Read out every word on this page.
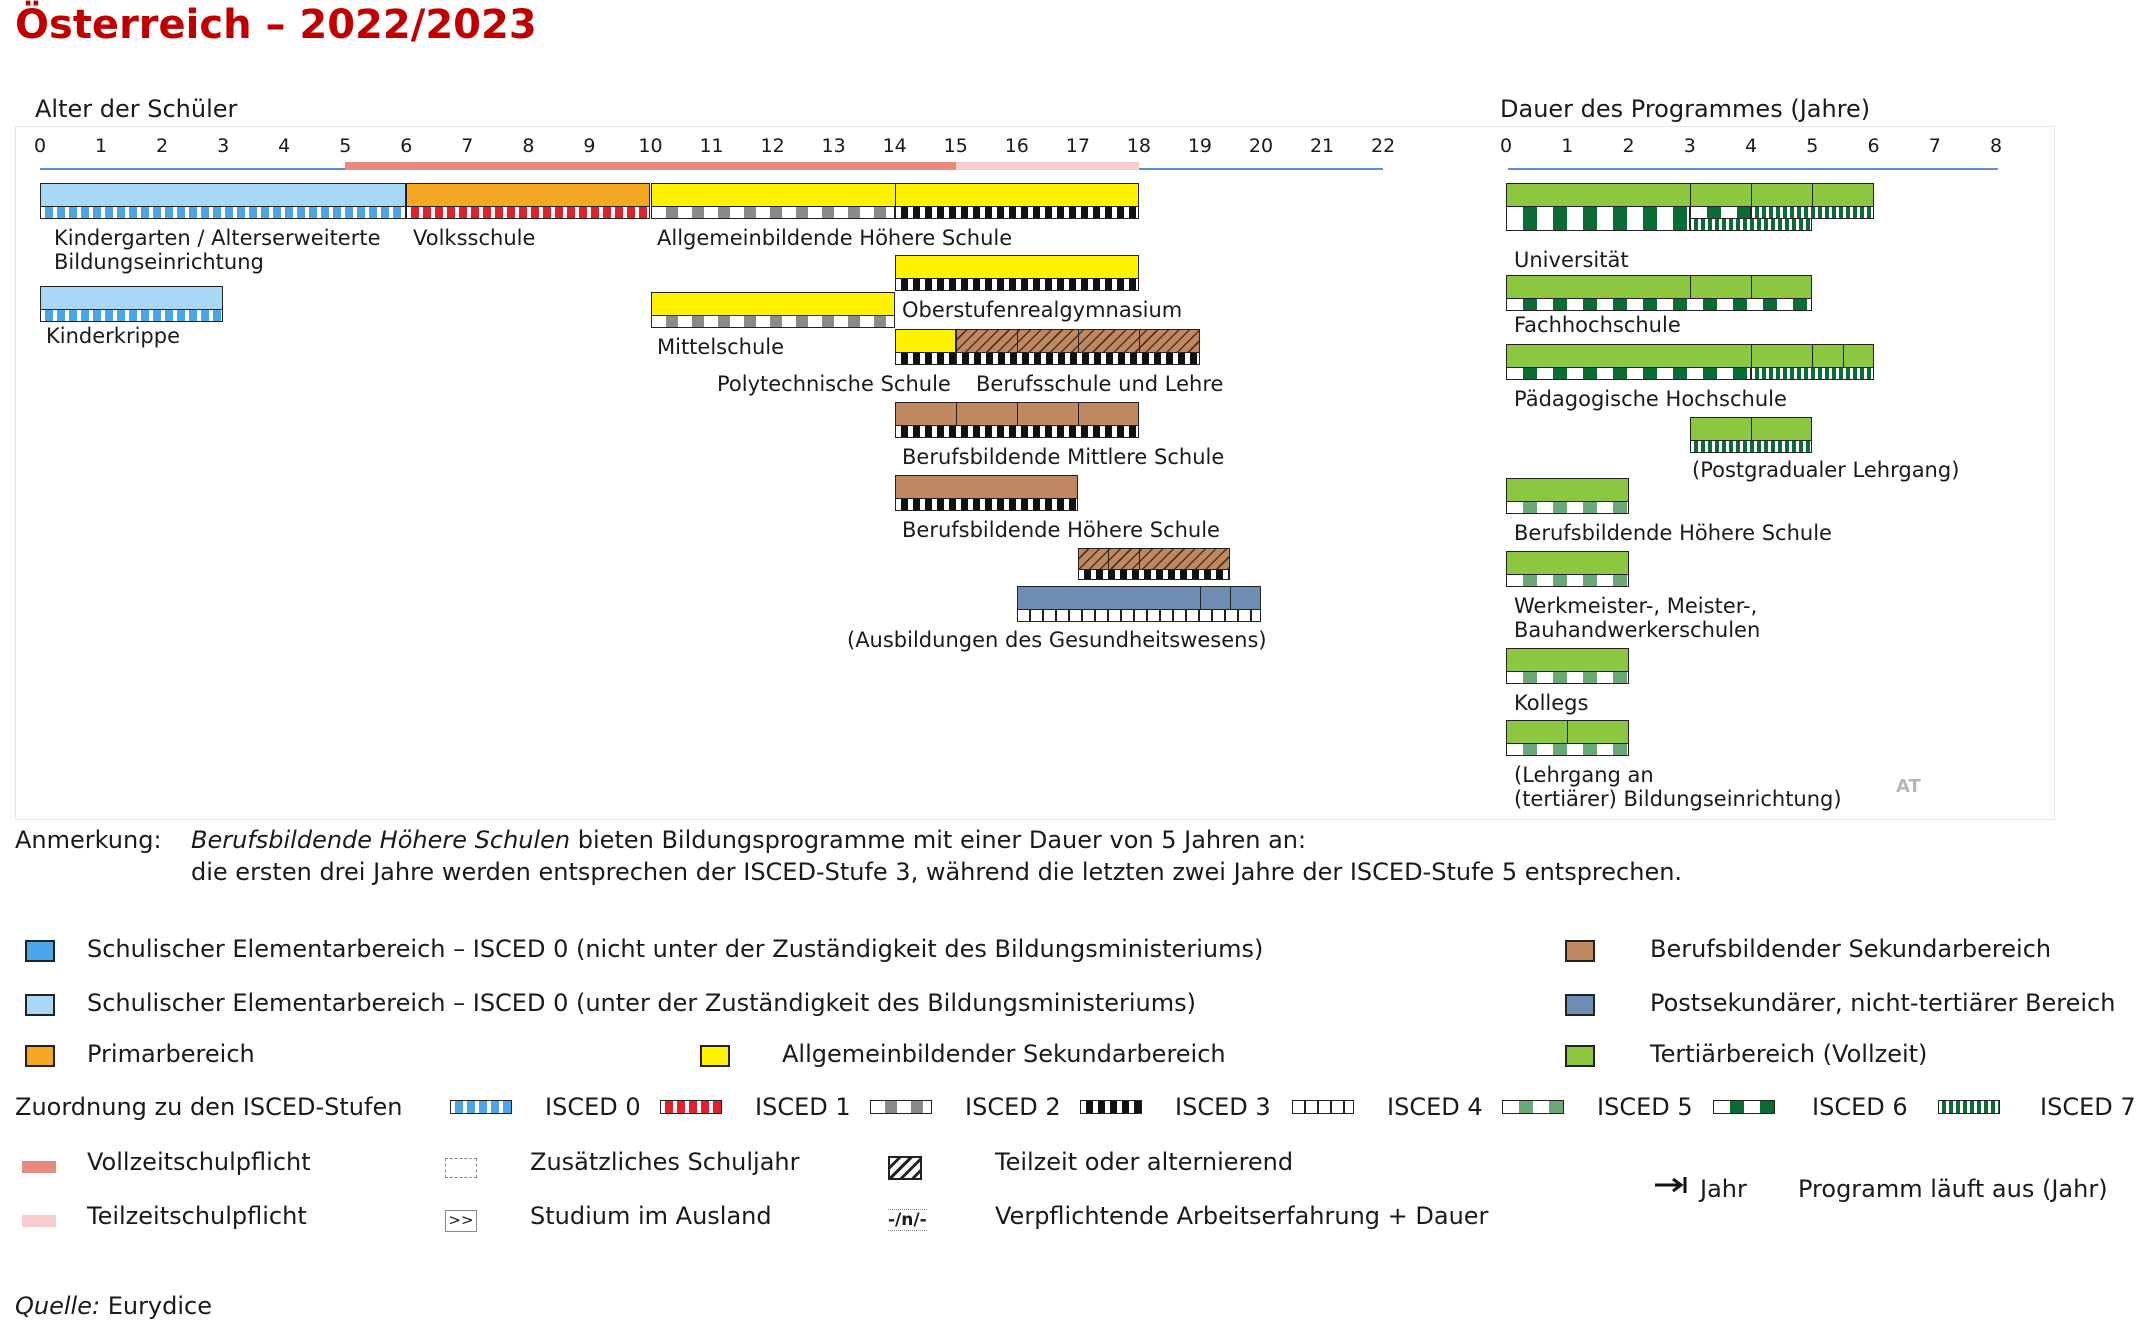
Österreich – 2022/2023
Alter der Schüler	Dauer des Programmes (Jahre)
0	1	2	3	4	5	6	7	8	9 10 11 12 13 14 15 16 17 18 19 20 21 22	0	1	2	3	4	5	6	7	8
Kindergarten / Alterserweiterte
Bildungseinrichtung
Volksschule	Allgemeinbildende Höhere Schule
Kinderkrippe
Oberstufenrealgymnasium
Mittelschule
Polytechnische Schule Berufsschule und Lehre
Berufsbildende Mittlere Schule
Berufsbildende Höhere Schule
(Ausbildungen des Gesundheitswesens)
Universität
Fachhochschule
Pädagogische Hochschule
(Postgradualer Lehrgang)
Berufsbildende Höhere Schule
Werkmeister-, Meister-,
Bauhandwerkerschulen
Kollegs
(Lehrgang an
(tertiärer) Bildungseinrichtung)
AT
Anmerkung: Berufsbildende Höhere Schulen bieten Bildungsprogramme mit einer Dauer von 5 Jahren an:
die ersten drei Jahre werden entsprechen der ISCED-Stufe 3, während die letzten zwei Jahre der ISCED-Stufe 5 entsprechen.
Schulischer Elementarbereich – ISCED 0 (nicht unter der Zuständigkeit des Bildungsministeriums)
Schulischer Elementarbereich – ISCED 0 (unter der Zuständigkeit des Bildungsministeriums)
Primarbereich	Allgemeinbildender Sekundarbereich
Berufsbildender Sekundarbereich
Postsekundärer, nicht-tertiärer Bereich
Tertiärbereich (Vollzeit)
Zuordnung zu den ISCED-Stufen	ISCED 0	ISCED 1	ISCED 2	ISCED 3	ISCED 4	ISCED 5	ISCED 6	ISCED 7
Vollzeitschulpflicht
Teilzeitschulpflicht
Zusätzliches Schuljahr
>> Studium im Ausland
Teilzeit oder alternierend
-/n/-	Verpflichtende Arbeitserfahrung + Dauer
Jahr Programm läuft aus (Jahr)
Quelle: Eurydice
